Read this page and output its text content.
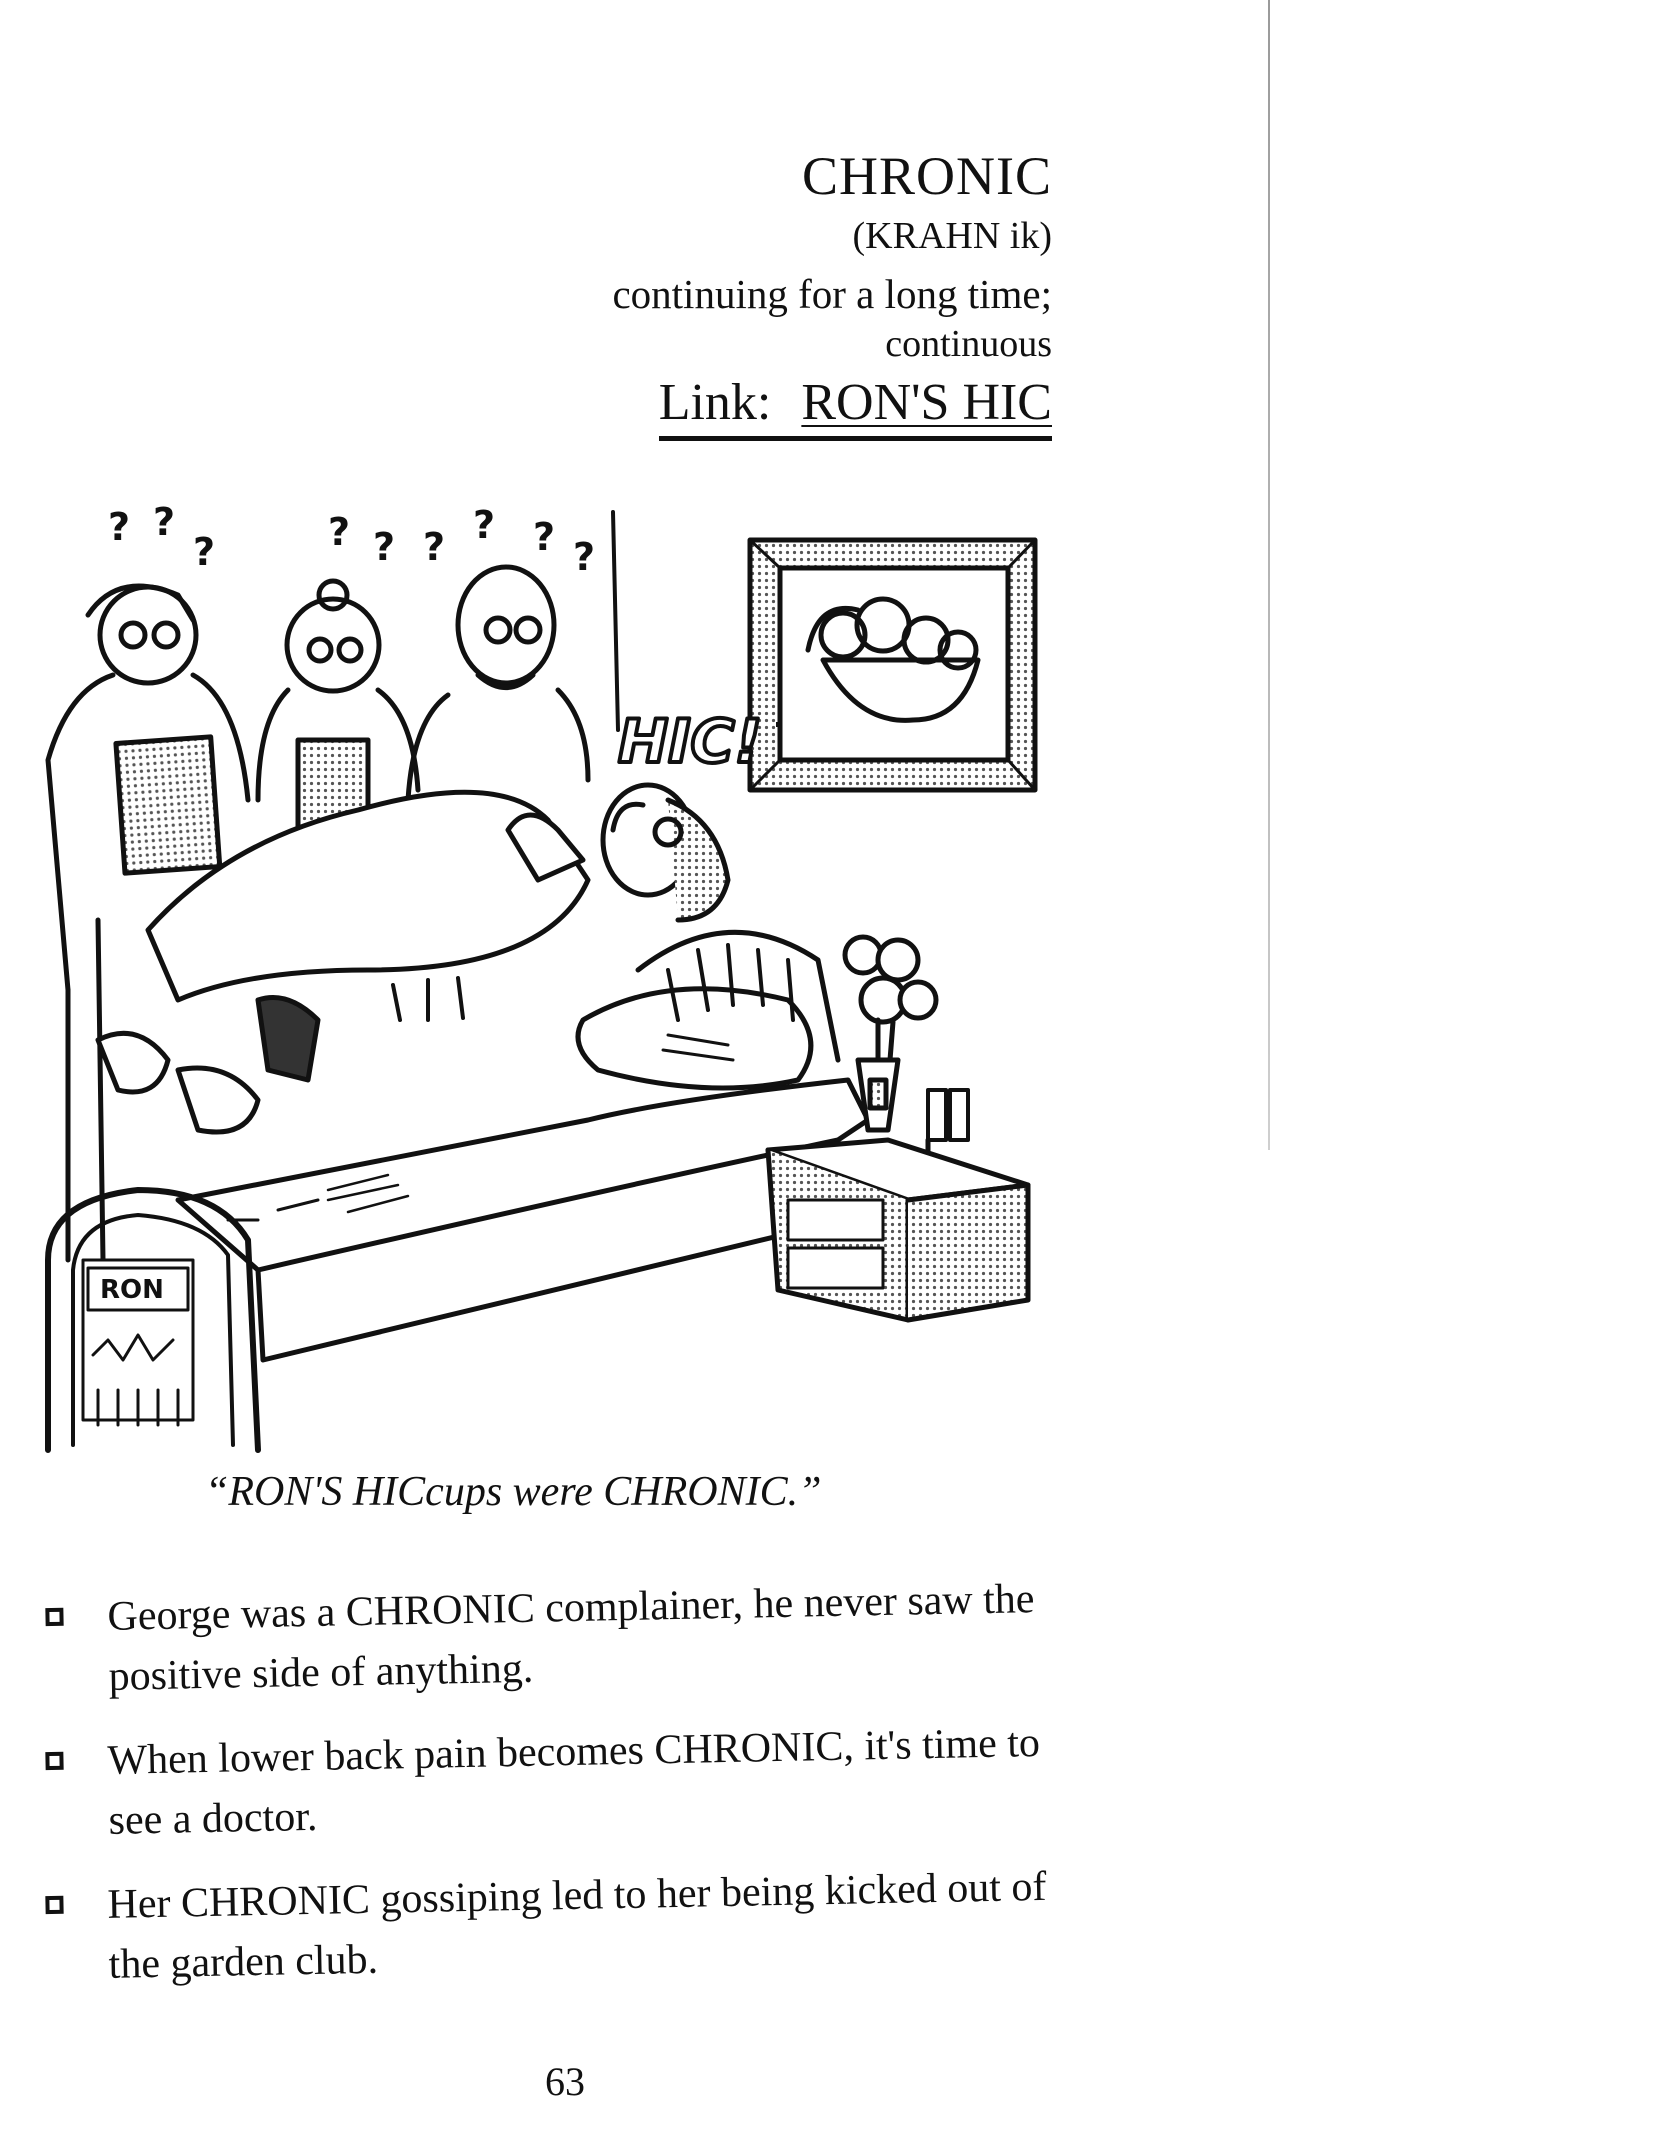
CHRONIC
(KRAHN ik)
continuing for a long time;
continuous
Link: RON'S HIC
? ?
?	? ? ? ? ? ?
HIC!
RON
“RON'S HICcups were CHRONIC.”
George was a CHRONIC complainer, he never saw the positive side of anything.
When lower back pain becomes CHRONIC, it's time to see a doctor.
Her CHRONIC gossiping led to her being kicked out of the garden club.
63
